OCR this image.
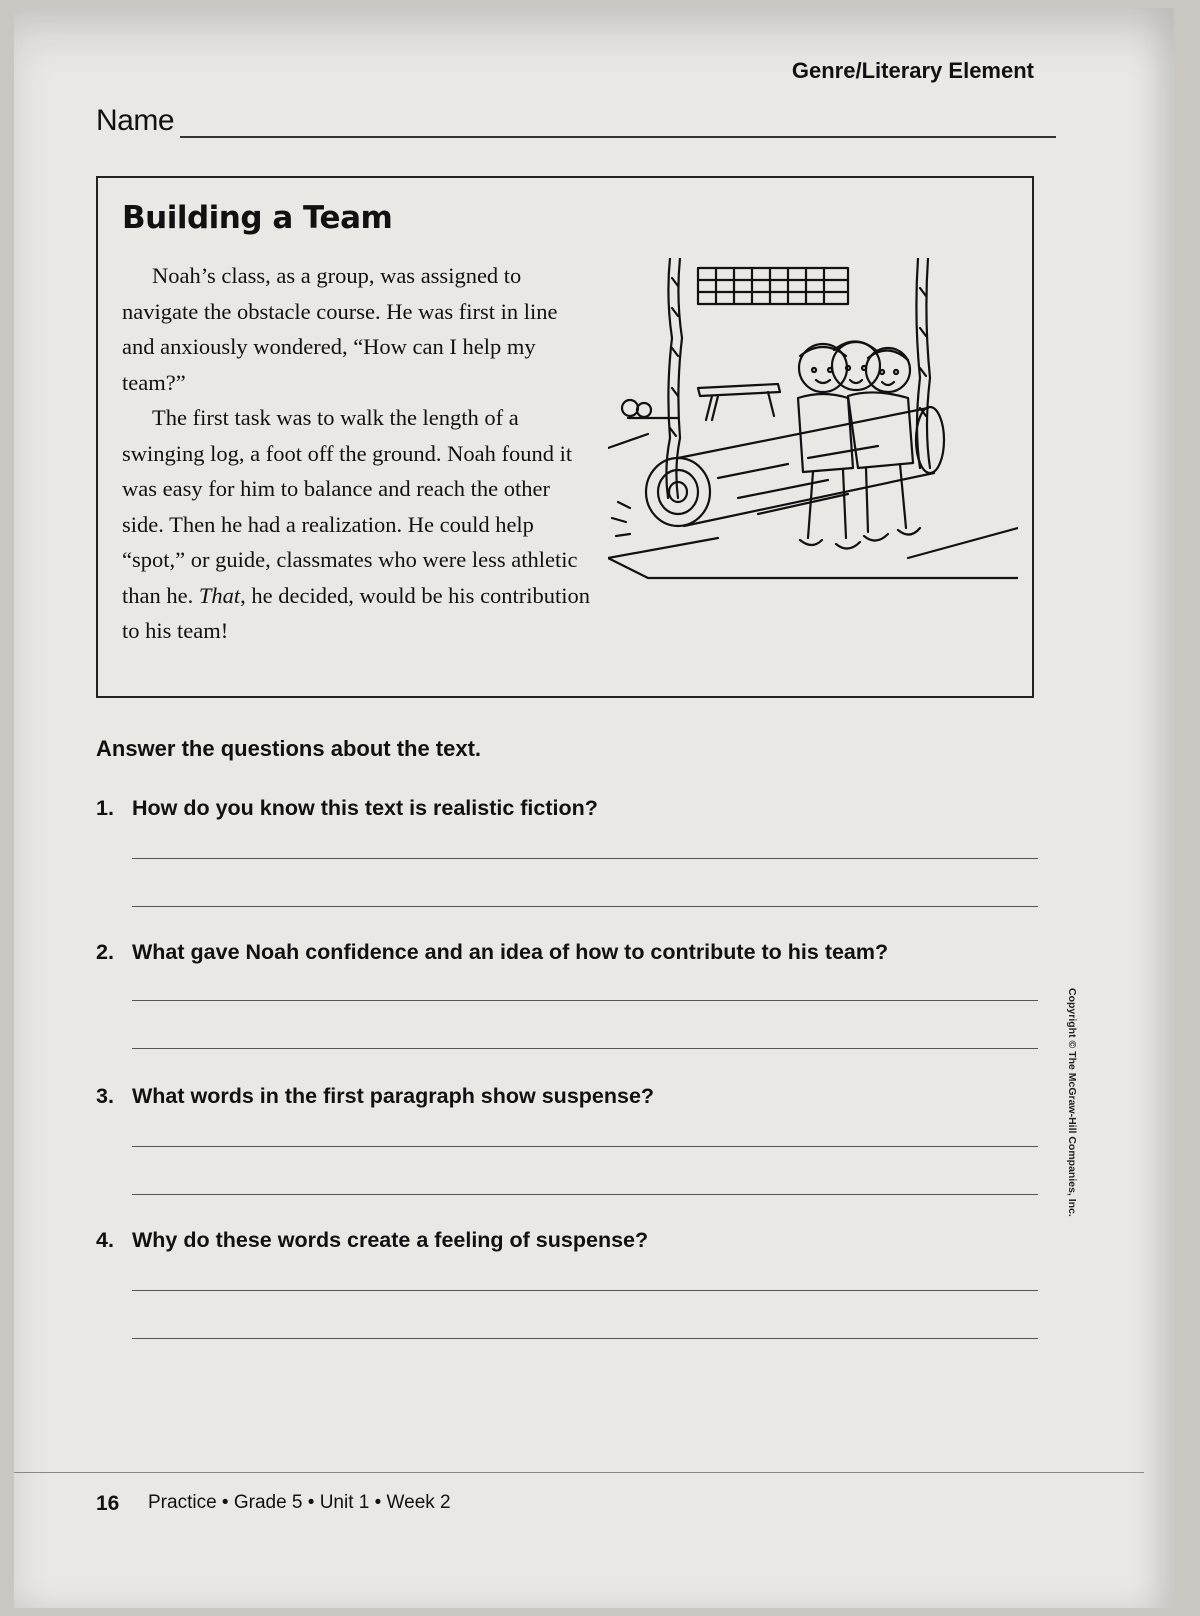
Genre/Literary Element
Name
Building a Team

Noah’s class, as a group, was assigned to navigate the obstacle course. He was first in line and anxiously wondered, “How can I help my team?”

The first task was to walk the length of a swinging log, a foot off the ground. Noah found it was easy for him to balance and reach the other side. Then he had a realization. He could help “spot,” or guide, classmates who were less athletic than he. That, he decided, would be his contribution to his team!

Answer the questions about the text.
1. How do you know this text is realistic fiction?
2. What gave Noah confidence and an idea of how to contribute to his team?
3. What words in the first paragraph show suspense?
4. Why do these words create a feeling of suspense?
Copyright © The McGraw-Hill Companies, Inc.
16 Practice • Grade 5 • Unit 1 • Week 2
